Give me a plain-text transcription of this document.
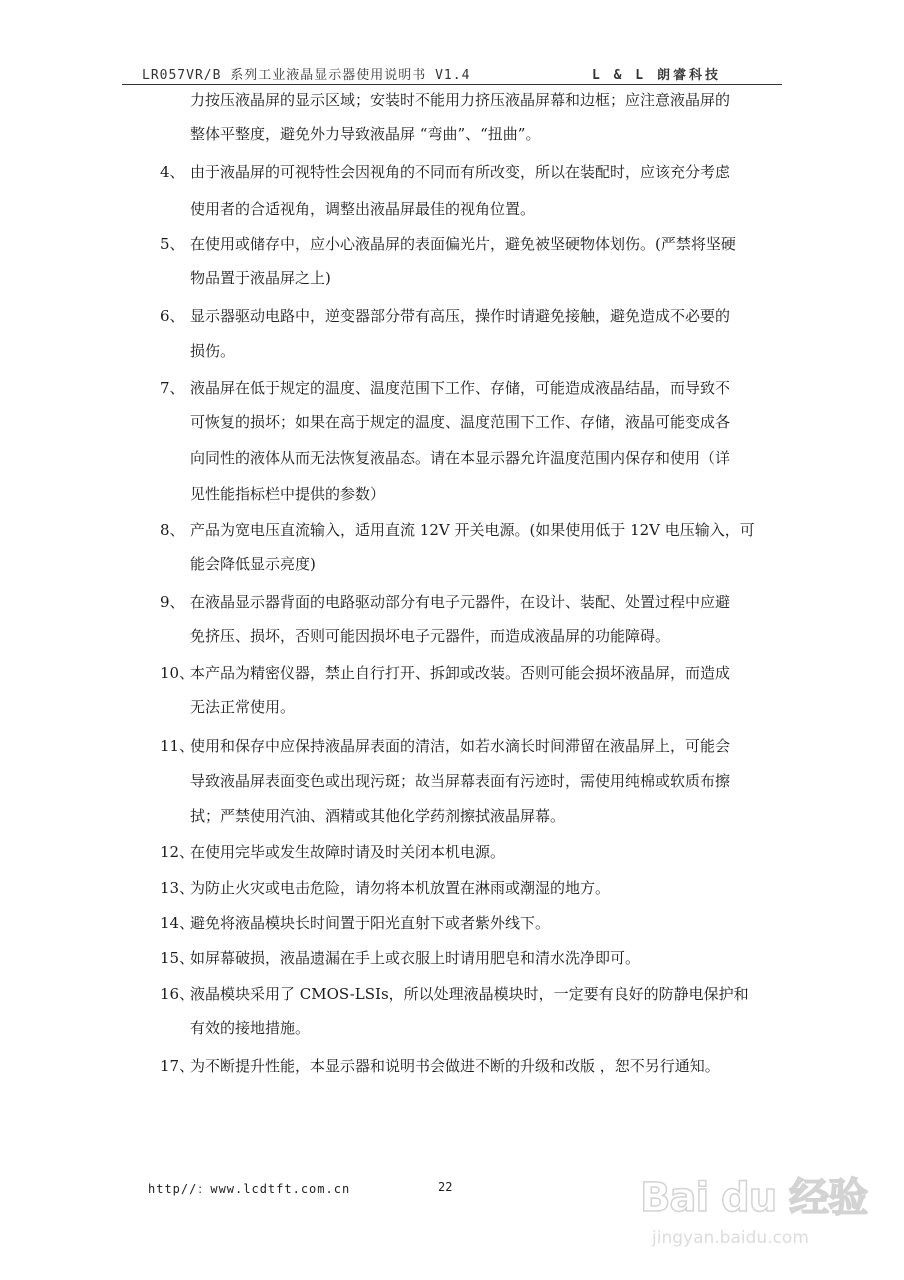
LR057VR/B 系列工业液晶显示器使用说明书 V1.4	L & L 朗睿科技
力按压液晶屏的显示区域；安装时不能用力挤压液晶屏幕和边框；应注意液晶屏的
整体平整度，避免外力导致液晶屏 “弯曲”、“扭曲”。
4、 由于液晶屏的可视特性会因视角的不同而有所改变，所以在装配时，应该充分考虑
使用者的合适视角，调整出液晶屏最佳的视角位置。
5、 在使用或储存中，应小心液晶屏的表面偏光片，避免被坚硬物体划伤。(严禁将坚硬
物品置于液晶屏之上)
6、 显示器驱动电路中，逆变器部分带有高压，操作时请避免接触，避免造成不必要的
损伤。
7、 液晶屏在低于规定的温度、温度范围下工作、存储，可能造成液晶结晶，而导致不
可恢复的损坏；如果在高于规定的温度、温度范围下工作、存储，液晶可能变成各
向同性的液体从而无法恢复液晶态。请在本显示器允许温度范围内保存和使用（详
见性能指标栏中提供的参数）
8、 产品为宽电压直流输入，适用直流 12V 开关电源。(如果使用低于 12V 电压输入，可
能会降低显示亮度)
9、 在液晶显示器背面的电路驱动部分有电子元器件，在设计、装配、处置过程中应避
免挤压、损坏，否则可能因损坏电子元器件，而造成液晶屏的功能障碍。
10、
本产品为精密仪器，禁止自行打开、拆卸或改装。否则可能会损坏液晶屏，而造成
无法正常使用。
11、
使用和保存中应保持液晶屏表面的清洁，如若水滴长时间滞留在液晶屏上，可能会
导致液晶屏表面变色或出现污斑；故当屏幕表面有污迹时，需使用纯棉或软质布擦
拭；严禁使用汽油、酒精或其他化学药剂擦拭液晶屏幕。
12、
在使用完毕或发生故障时请及时关闭本机电源。
13、
为防止火灾或电击危险，请勿将本机放置在淋雨或潮湿的地方。
14、
避免将液晶模块长时间置于阳光直射下或者紫外线下。
15、
如屏幕破损，液晶遗漏在手上或衣服上时请用肥皂和清水洗净即可。
16、
液晶模块采用了 CMOS-LSIs，所以处理液晶模块时，一定要有良好的防静电保护和
有效的接地措施。
17、
为不断提升性能，本显示器和说明书会做进不断的升级和改版 ，恕不另行通知。
http//：www.lcdtft.com.cn	22	Bai du 经验
jingyan.baidu.com
